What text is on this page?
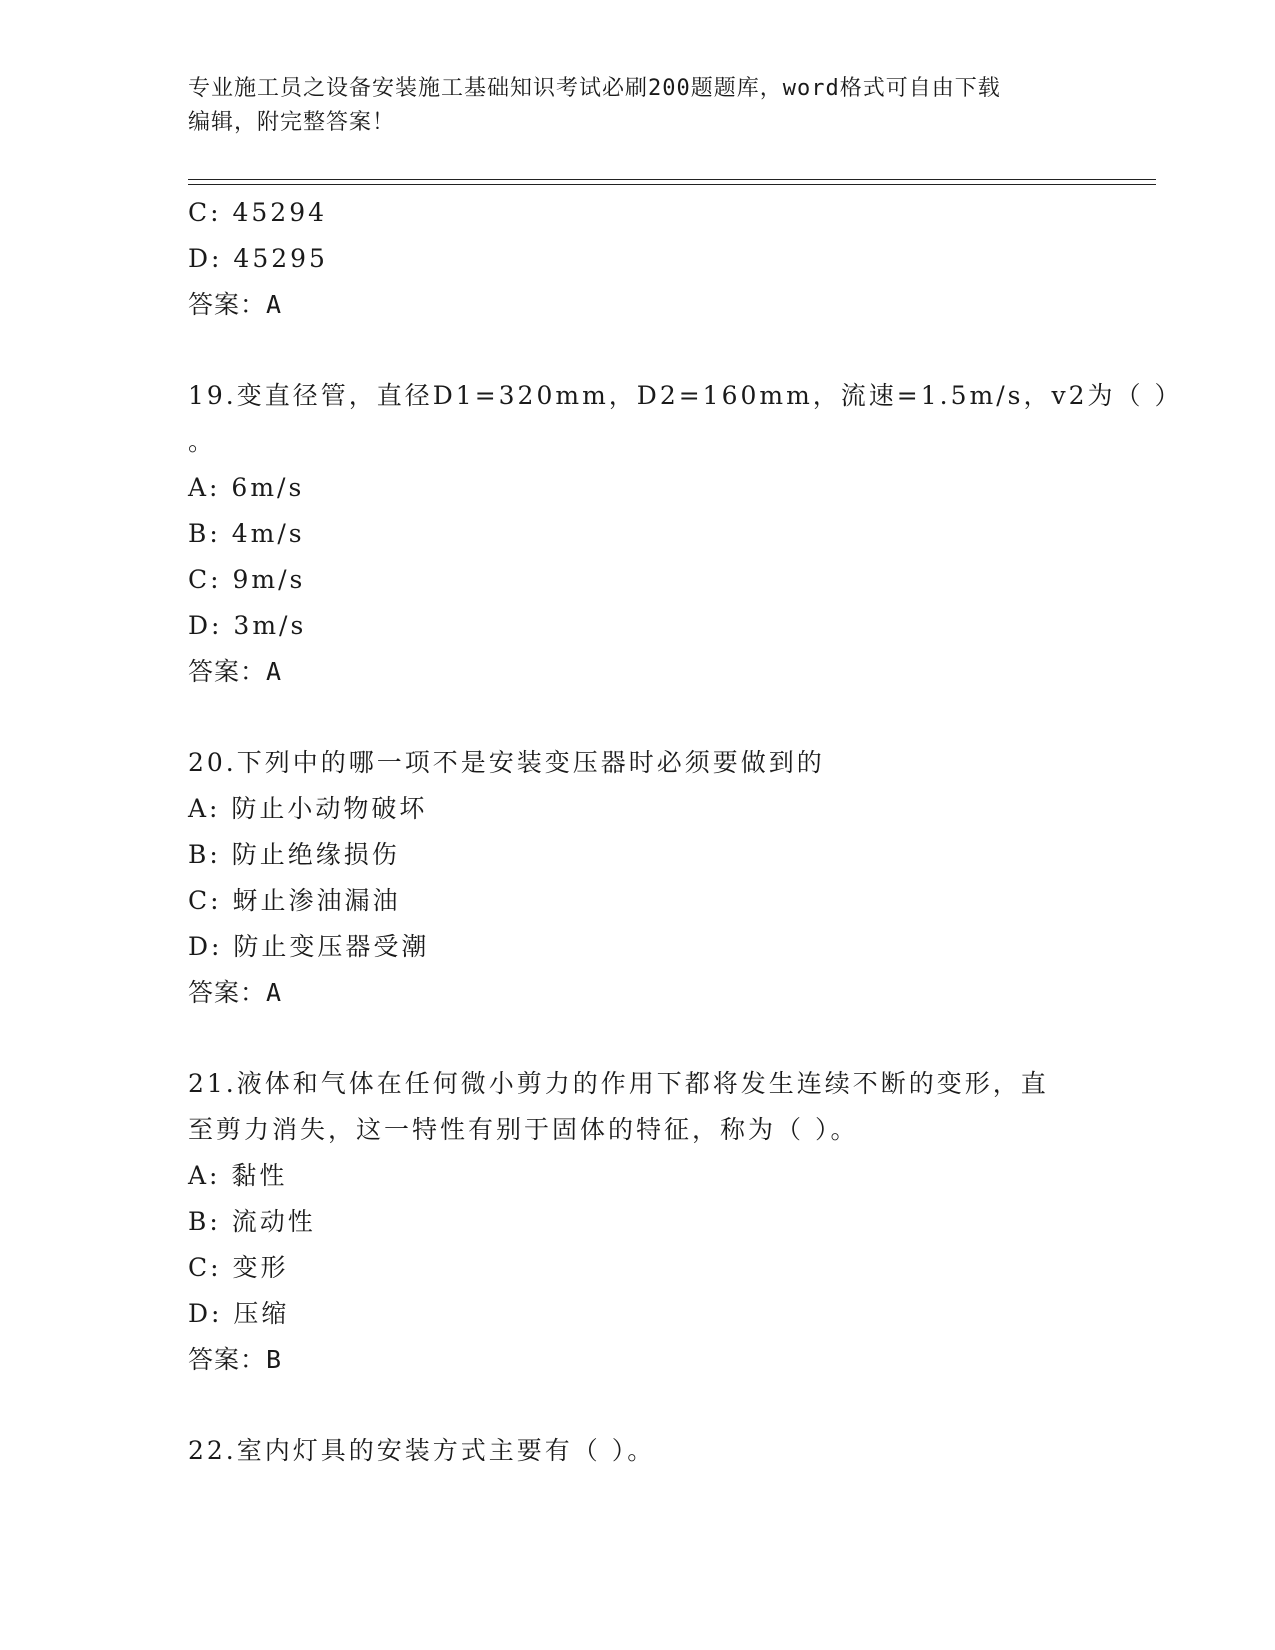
专业施工员之设备安装施工基础知识考试必刷200题题库，word格式可自由下载
编辑，附完整答案！
C: 45294
D: 45295
答案：A
19.变直径管，直径D1=320mm，D2=160mm，流速=1.5m/s，v2为（ ）
。
A: 6m/s
B: 4m/s
C: 9m/s
D: 3m/s
答案：A
20.下列中的哪一项不是安装变压器时必须要做到的
A: 防止小动物破坏
B: 防止绝缘损伤
C: 蚜止渗油漏油
D: 防止变压器受潮
答案：A
21.液体和气体在任何微小剪力的作用下都将发生连续不断的变形，直
至剪力消失，这一特性有别于固体的特征，称为（ ）。
A: 黏性
B: 流动性
C: 变形
D: 压缩
答案：B
22.室内灯具的安装方式主要有（ ）。
